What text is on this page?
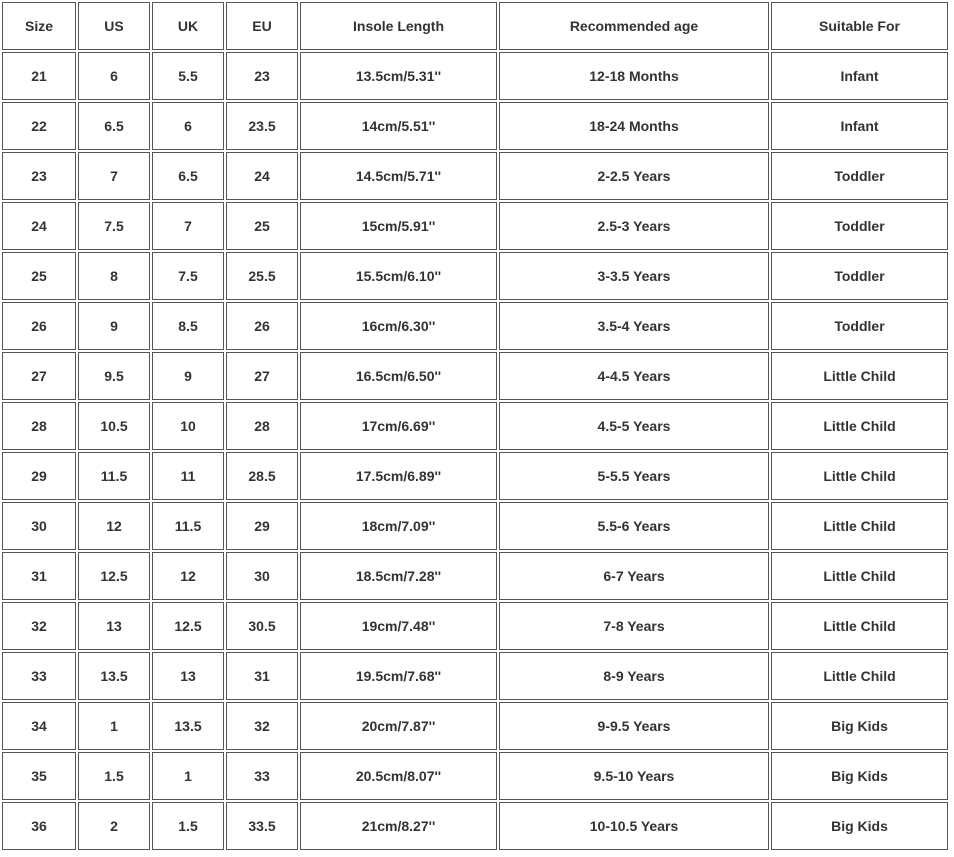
Size	US	UK	EU	Insole Length	Recommended age	Suitable For
21	6	5.5	23	13.5cm/5.31''	12-18 Months	Infant
22	6.5	6	23.5	14cm/5.51''	18-24 Months	Infant
23	7	6.5	24	14.5cm/5.71''	2-2.5 Years	Toddler
24	7.5	7	25	15cm/5.91''	2.5-3 Years	Toddler
25	8	7.5	25.5	15.5cm/6.10''	3-3.5 Years	Toddler
26	9	8.5	26	16cm/6.30''	3.5-4 Years	Toddler
27	9.5	9	27	16.5cm/6.50''	4-4.5 Years	Little Child
28	10.5	10	28	17cm/6.69''	4.5-5 Years	Little Child
29	11.5	11	28.5	17.5cm/6.89''	5-5.5 Years	Little Child
30	12	11.5	29	18cm/7.09''	5.5-6 Years	Little Child
31	12.5	12	30	18.5cm/7.28''	6-7 Years	Little Child
32	13	12.5	30.5	19cm/7.48''	7-8 Years	Little Child
33	13.5	13	31	19.5cm/7.68''	8-9 Years	Little Child
34	1	13.5	32	20cm/7.87''	9-9.5 Years	Big Kids
35	1.5	1	33	20.5cm/8.07''	9.5-10 Years	Big Kids
36	2	1.5	33.5	21cm/8.27''	10-10.5 Years	Big Kids
